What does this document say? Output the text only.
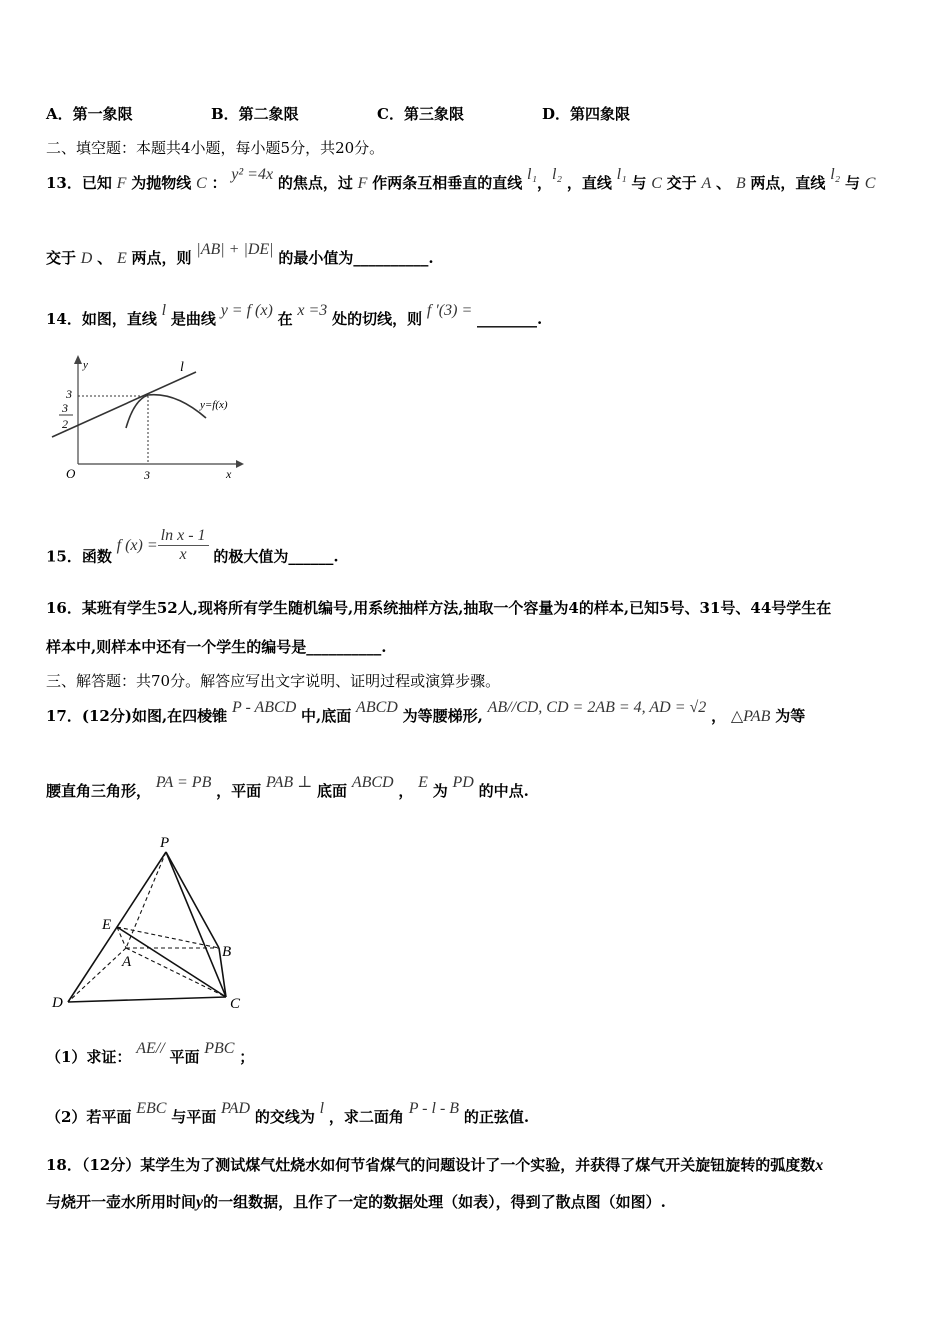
A．第一象限	B．第二象限	C．第三象限	D．第四象限
二、填空题：本题共4小题，每小题5分，共20分。
13．已知 F 为抛物线 C ： y² =4x 的焦点，过 F 作两条互相垂直的直线 l₁，l₂ ，直线 l₁ 与 C 交于 A 、 B 两点，直线 l₂ 与 C
交于 D 、 E 两点，则 |AB| + |DE| 的最小值为__________.
14．如图，直线 l 是曲线 y = f (x) 在 x =3 处的切线，则 f ′(3) = ________.
y	l
y=f(x)
3
3
2
O	3	x
15．函数 f $(x) = \frac{\text{ln x - 1}}{x}$ 的极大值为______.
16．某班有学生52人,现将所有学生随机编号,用系统抽样方法,抽取一个容量为4的样本,已知5号、31号、44号学生在
样本中,则样本中还有一个学生的编号是__________.
三、解答题：共70分。解答应写出文字说明、证明过程或演算步骤。
17．(12分)如图,在四棱锥 P - ABCD 中,底面 ABCD 为等腰梯形, AB//CD, CD = 2AB = 4, AD = √2 ， △PAB 为等
腰直角三角形， PA = PB ，平面 PAB ⊥ 底面 ABCD ， E 为 PD 的中点.
P
E
A
B
D	C
（1）求证： AE// 平面 PBC ；
（2）若平面 EBC 与平面 PAD 的交线为 l ，求二面角 P - l - B 的正弦值.
18．（12分）某学生为了测试煤气灶烧水如何节省煤气的问题设计了一个实验，并获得了煤气开关旋钮旋转的弧度数x
与烧开一壶水所用时间y的一组数据，且作了一定的数据处理（如表），得到了散点图（如图）.
